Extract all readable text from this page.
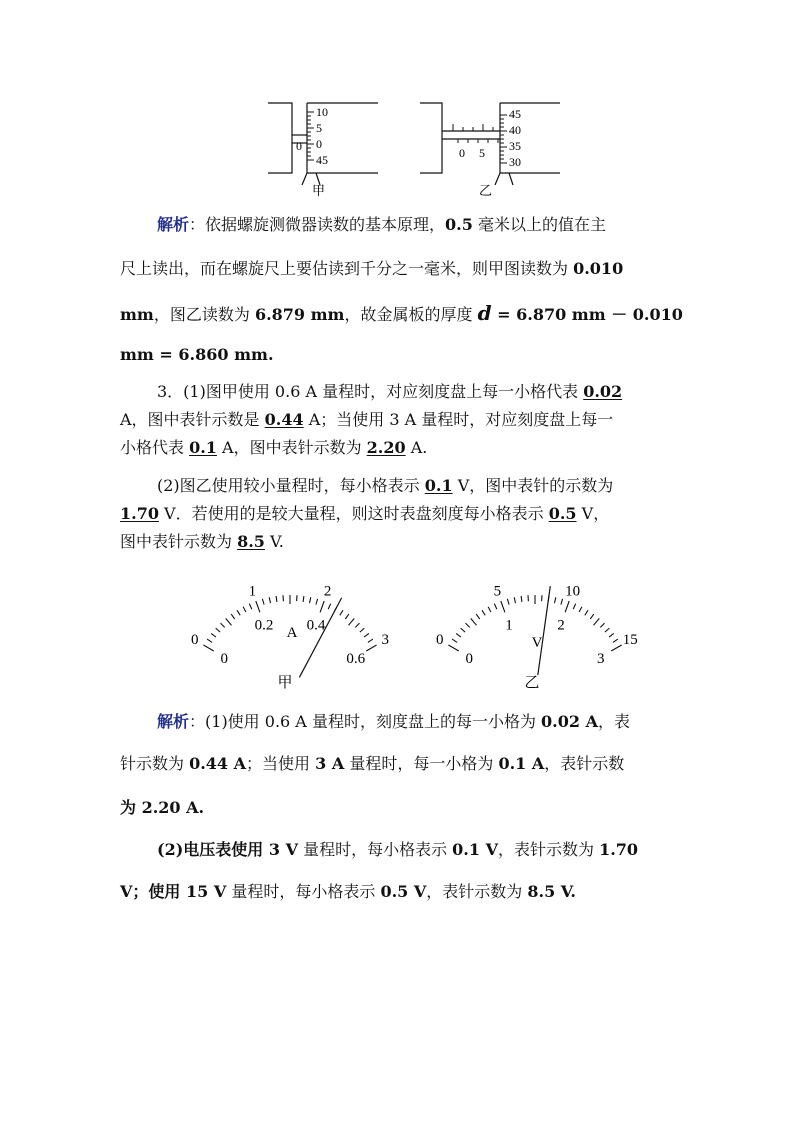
10
5
0
45
0
甲
45
40
35
30
0 5
乙
解析：依据螺旋测微器读数的基本原理，0.5 毫米以上的值在主
尺上读出，而在螺旋尺上要估读到千分之一毫米，则甲图读数为 0.010
mm，图乙读数为 6.879 mm，故金属板的厚度 d = 6.870 mm － 0.010
mm = 6.860 mm.
3．(1)图甲使用 0.6 A 量程时，对应刻度盘上每一小格代表 0.02
A，图中表针示数是 0.44 A；当使用 3 A 量程时，对应刻度盘上每一
小格代表 0.1 A，图中表针示数为 2.20 A.
(2)图乙使用较小量程时，每小格表示 0.1 V，图中表针的示数为
1.70 V．若使用的是较大量程，则这时表盘刻度每小格表示 0.5 V，
图中表针示数为 8.5 V.
0
1	2
3
0
0.2 0.4
0.6
A
甲
0
5	10
15
0
1	2
3
V
乙
解析：(1)使用 0.6 A 量程时，刻度盘上的每一小格为 0.02 A，表
针示数为 0.44 A；当使用 3 A 量程时，每一小格为 0.1 A，表针示数
为 2.20 A.
(2)电压表使用 3 V 量程时，每小格表示 0.1 V，表针示数为 1.70
V；使用 15 V 量程时，每小格表示 0.5 V，表针示数为 8.5 V.
